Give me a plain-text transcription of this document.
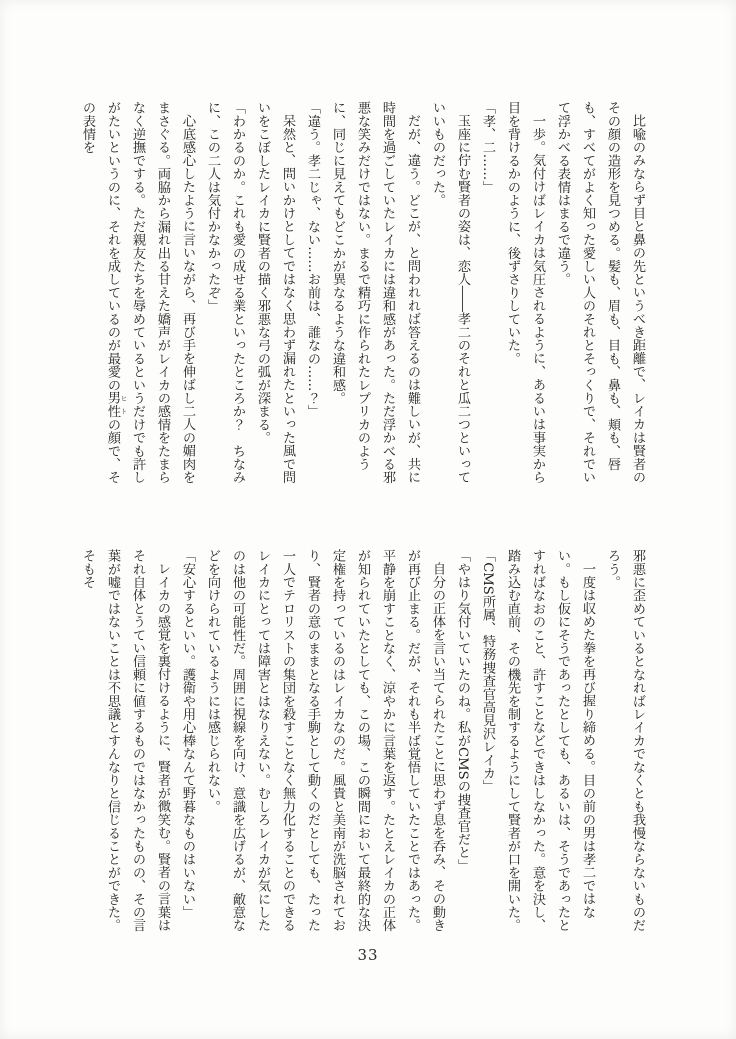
比喩のみならず目と鼻の先というべき距離で、レイカは賢者のその顔の造形を見つめる。髪も、眉も、目も、鼻も、頬も、唇も、すべてがよく知った愛しい人のそれとそっくりで、それでいて浮かべる表情はまるで違う。

一歩。気付けばレイカは気圧されるように、あるいは事実から目を背けるかのように、後ずさりしていた。

「孝、二……」

玉座に佇む賢者の姿は、恋人――孝二のそれと瓜二つといっていいものだった。

だが、違う。どこが、と問われれば答えるのは難しいが、共に時間を過ごしていたレイカには違和感があった。ただ浮かべる邪悪な笑みだけではない。まるで精巧に作られたレプリカのように、同じに見えてもどこかが異なるような違和感。

「違う。孝二じゃ、ない……お前は、誰なの……？」

呆然と、問いかけとしてではなく思わず漏れたといった風で問いをこぼしたレイカに賢者の描く邪悪な弓の弧が深まる。

「わかるのか。これも愛の成せる業といったところか？　ちなみに、この二人は気付かなかったぞ」

心底感心したように言いながら、再び手を伸ばし二人の媚肉をまさぐる。両脇から漏れ出る甘えた嬌声がレイカの感情をたまらなく逆撫でする。ただ親友たちを辱めているというだけでも許しがたいというのに、それを成しているのが最愛の男性 ヒトの顔で、その表情を

邪悪に歪めているとなればレイカでなくとも我慢ならないものだろう。

一度は収めた拳を再び握り締める。目の前の男は孝二ではない。もし仮にそうであったとしても、あるいは、そうであったとすればなおのこと、許すことなどできはしなかった。意を決し、踏み込む直前、その機先を制するようにして賢者が口を開いた。

「CMS所属、特務捜査官高見沢レイカ」

「やはり気付いていたのね。私がCMSの捜査官だと」

自分の正体を言い当てられたことに思わず息を呑み、その動きが再び止まる。だが、それも半ば覚悟していたことではあった。平静を崩すことなく、涼やかに言葉を返す。たとえレイカの正体が知られていたとしても、この場、この瞬間において最終的な決定権を持っているのはレイカなのだ。風貴と美南が洗脳されており、賢者の意のままとなる手駒として動くのだとしても、たった一人でテロリストの集団を殺すことなく無力化することのできるレイカにとっては障害とはなりえない。むしろレイカが気にしたのは他の可能性だ。周囲に視線を向け、意識を広げるが、敵意などを向けられているようには感じられない。

「安心するといい。護衛や用心棒なんて野暮なものはいない」

レイカの感覚を裏付けるように、賢者が微笑む。賢者の言葉はそれ自体とうてい信頼に値するものではなかったものの、その言葉が嘘ではないことは不思議とすんなりと信じることができた。そもそ

33
